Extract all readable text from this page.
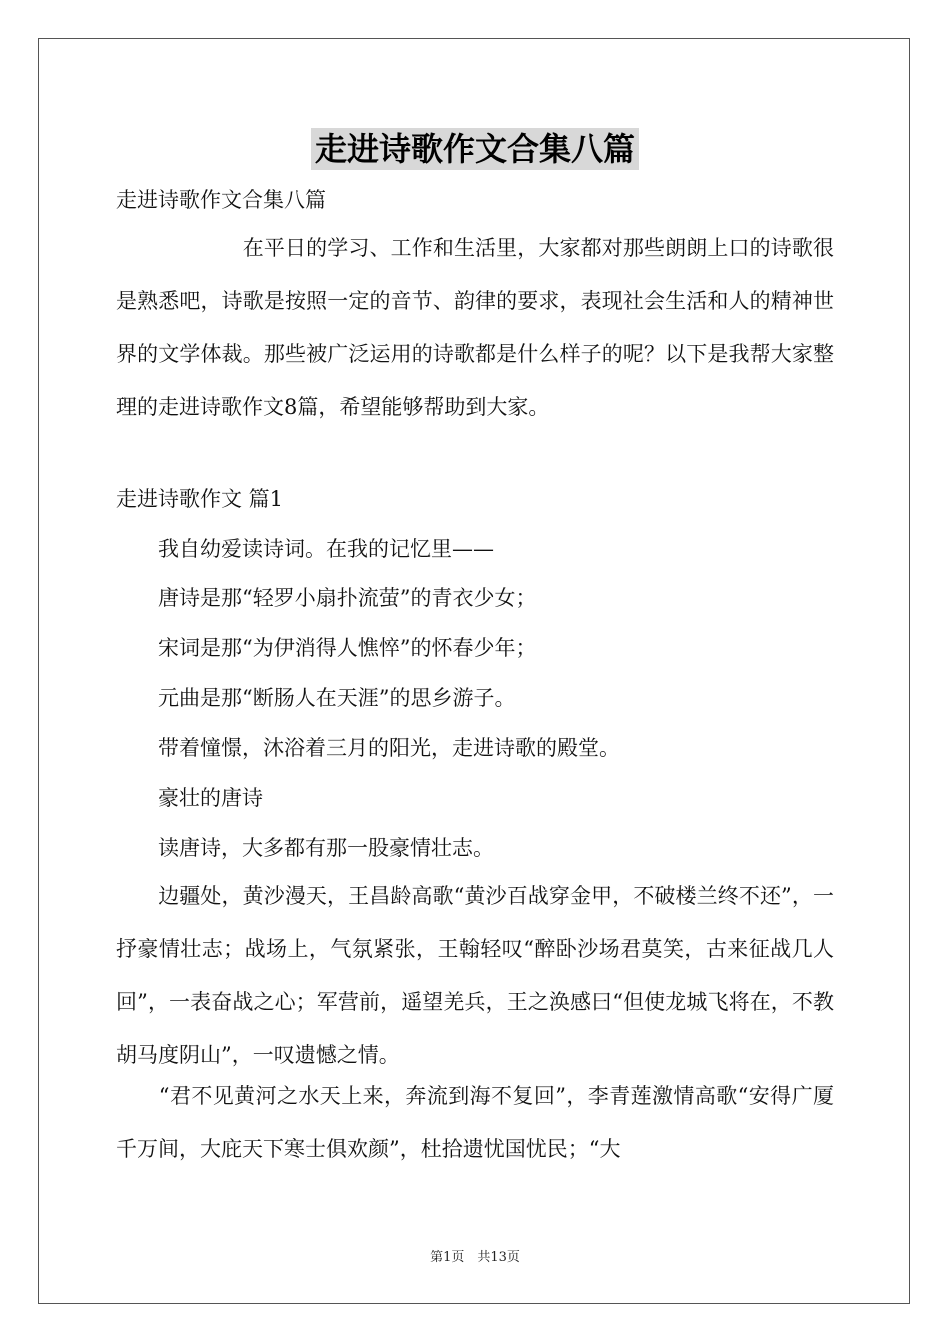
走进诗歌作文合集八篇
走进诗歌作文合集八篇
　　　　　　在平日的学习、工作和生活里，大家都对那些朗朗上口的诗歌很是熟悉吧，诗歌是按照一定的音节、韵律的要求，表现社会生活和人的精神世界的文学体裁。那些被广泛运用的诗歌都是什么样子的呢？以下是我帮大家整理的走进诗歌作文8篇，希望能够帮助到大家。
走进诗歌作文 篇1
　　我自幼爱读诗词。在我的记忆里——
　　唐诗是那“轻罗小扇扑流萤”的青衣少女；
　　宋词是那“为伊消得人憔悴”的怀春少年；
　　元曲是那“断肠人在天涯”的思乡游子。
　　带着憧憬，沐浴着三月的阳光，走进诗歌的殿堂。
　　豪壮的唐诗
　　读唐诗，大多都有那一股豪情壮志。
　　边疆处，黄沙漫天，王昌龄高歌“黄沙百战穿金甲，不破楼兰终不还”，一抒豪情壮志；战场上，气氛紧张，王翰轻叹“醉卧沙场君莫笑，古来征战几人回”，一表奋战之心；军营前，遥望羌兵，王之涣感曰“但使龙城飞将在，不教胡马度阴山”，一叹遗憾之情。
　　“君不见黄河之水天上来，奔流到海不复回”，李青莲激情高歌“安得广厦千万间，大庇天下寒士俱欢颜”，杜拾遗忧国忧民；“大
第1页　共13页
